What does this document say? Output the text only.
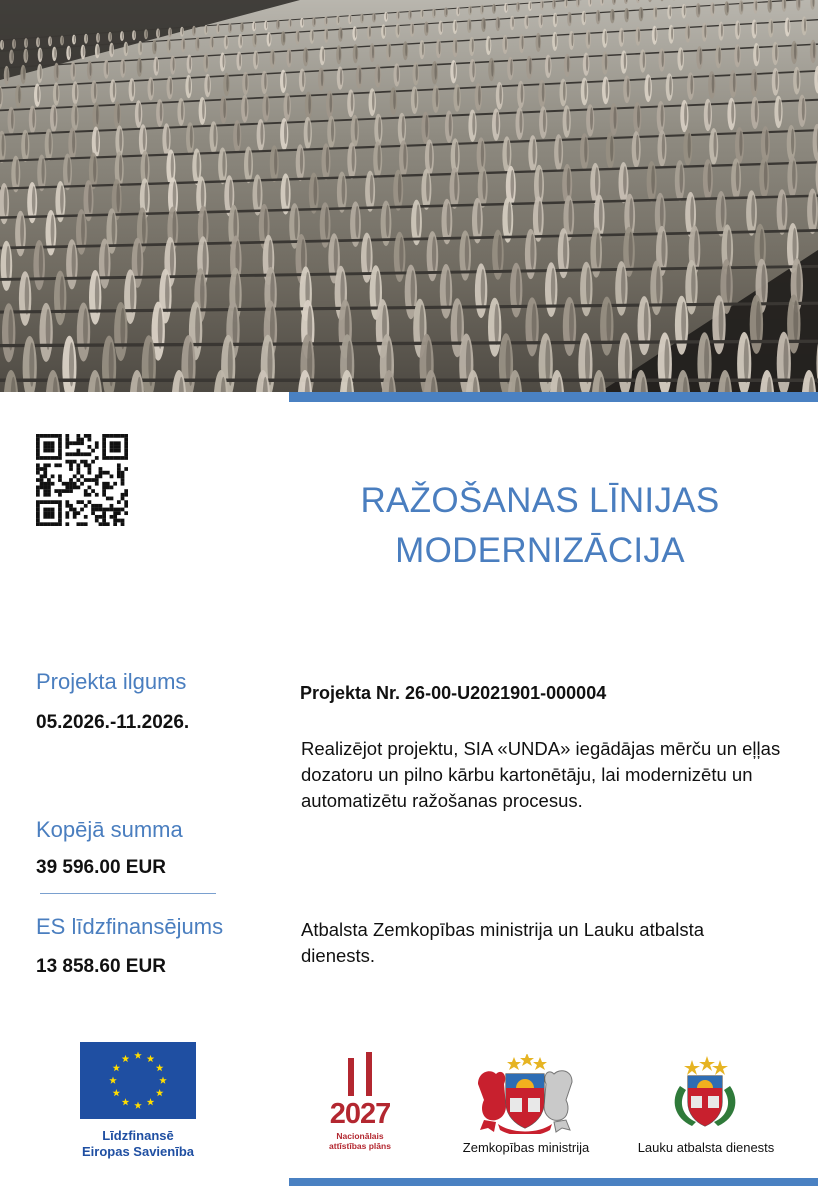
RAŽOŠANAS LĪNIJAS
MODERNIZĀCIJA
Projekta ilgums
05.2026.-11.2026.
Kopējā summa
39 596.00 EUR
ES līdzfinansējums
13 858.60 EUR
Projekta Nr. 26-00-U2021901-000004
Realizējot projektu, SIA «UNDA» iegādājas mērču un eļļas dozatoru un pilno kārbu kartonētāju, lai modernizētu un automatizētu ražošanas procesus.
Atbalsta Zemkopības ministrija un Lauku atbalsta dienests.
Līdzfinansē
Eiropas Savienība
2027
Nacionālais
attīstības plāns	Zemkopības ministrija	Lauku atbalsta dienests
